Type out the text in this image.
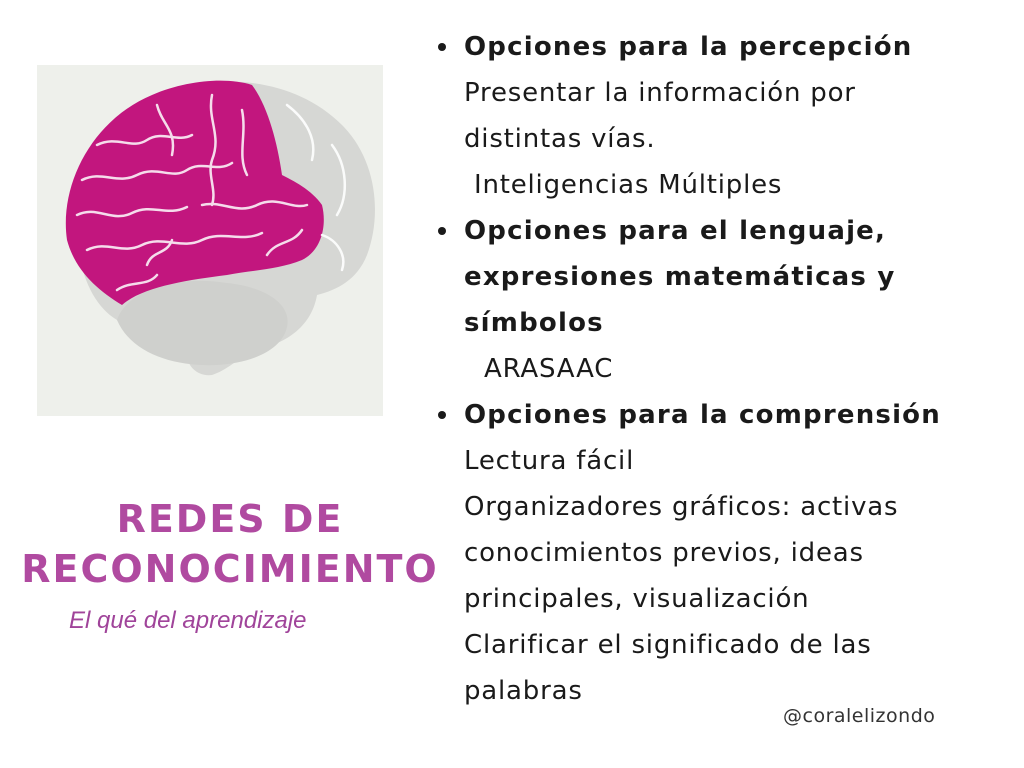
REDES DE
RECONOCIMIENTO
El qué del aprendizaje
Opciones para la percepción
Presentar la información por
distintas vías.
Inteligencias Múltiples
Opciones para el lenguaje,
expresiones matemáticas y
símbolos
ARASAAC
Opciones para la comprensión
Lectura fácil
Organizadores gráficos: activas
conocimientos previos, ideas
principales, visualización
Clarificar el significado de las
palabras
@coralelizondo
